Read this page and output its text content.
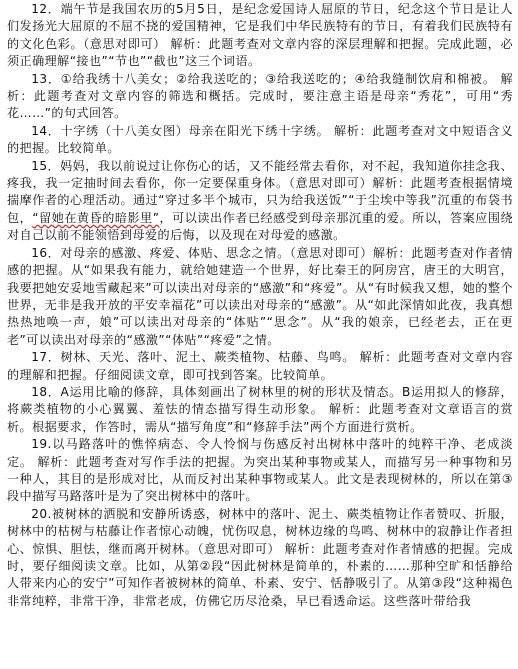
12．端午节是我国农历的5月5日，是纪念爱国诗人屈原的节日，纪念这个节日是让人们发扬光大屈原的不屈不挠的爱国精神，它是我们中华民族特有的节日，有着我们民族特有的文化色彩。（意思对即可） 解析：此题考查对文章内容的深层理解和把握。完成此题，必须正确理解“接也”“节也”“截也”这三个词语。

13．①给我绣十八美女；②给我送吃的；③给我送吃的；④给我缝制饮肩和棉被。 解析：此题考查对文章内容的筛选和概括。完成时，要注意主语是母亲“秀花”，可用“秀花……”的句式回答。

14．十字绣（十八美女图）母亲在阳光下绣十字绣。 解析：此题考查对文中短语含义的把握。比较简单。

15．妈妈，我以前说过让你伤心的话，又不能经常去看你，对不起，我知道你挂念我、疼我，我一定抽时间去看你，你一定要保重身体。（意思对即可）解析：此题考查根据情境揣摩作者的心理活动。通过“穿过多半个城市，只为给我送饭”“于尘埃中等我”沉重的布袋书包，“留她在黄昏的暗影里”，可以读出作者已经感受到母亲那沉重的爱。所以，答案应围绕对自己以前不能领悟到母爱的后悔，以及现在对母爱的感激。

16．对母亲的感激、疼爱、体贴、思念之情。（意思对即可）解析：此题考查对作者情感的把握。从“如果我有能力，就给她建造一个世界，好比秦王的阿房宫，唐王的大明宫，我要把她安妥地雪藏起来”可以读出对母亲的“感激”和“疼爱”。从“有时候我又想，她的整个世界，无非是我开放的平安幸福花”可以读出对母亲的“感激”。从“如此深情如此夜，我真想热热地唤一声，娘”可以读出对母亲的“体贴”“思念”。从“我的娘亲，已经老去，正在更老”可以读出对母亲的“感激”“体贴”“疼爱”之情。

17．树林、天光、落叶、泥土、蕨类植物、枯藤、鸟鸣。 解析：此题考查对文章内容的理解和把握。仔细阅读文章，即可找到答案。比较简单。

18．A运用比喻的修辞，具体刻画出了树林里的树的形状及情态。B运用拟人的修辞，将蕨类植物的小心翼翼、羞怯的情态描写得生动形象。 解析：此题考查对文章语言的赏析。根据要求，作答时，需从“描写角度”和“修辞手法”两个方面进行赏析。

19.以马路落叶的憔悴病态、令人怜悯与伤感反衬出树林中落叶的纯粹干净、老成淡定。 解析：此题考查对写作手法的把握。为突出某种事物或某人，而描写另一种事物和另一种人，其目的是形成对比，从而反衬出某种事物或某人。此文是表现树林的，所以在第③段中描写马路落叶是为了突出树林中的落叶。

20.被树林的洒脱和安静所诱惑，树林中的落叶、泥土、蕨类植物让作者赞叹、折服，树林中的枯树与枯藤让作者惊心动魄，忧伤叹息，树林边缘的鸟鸣、树林中的寂静让作者担心、惊惧、胆怯，继而离开树林。（意思对即可） 解析：此题考查对作者情感的把握。完成时，要仔细阅读文章。比如，从第②段“因此树林是简单的，朴素的……那种空旷和恬静给人带来内心的安宁”可知作者被树林的简单、朴素、安宁、恬静吸引了。从第③段“这种褐色非常纯粹，非常干净，非常老成，仿佛它历尽沧桑，早已看透命运。这些落叶带给我
